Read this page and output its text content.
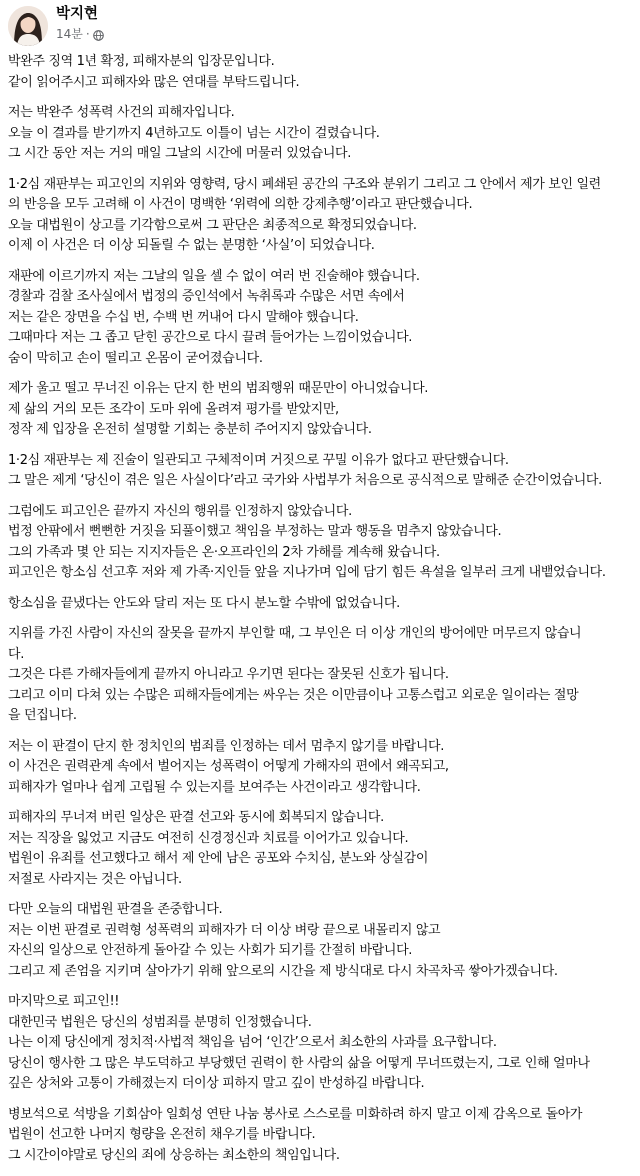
박지현
14분 ·
박완주 징역 1년 확정, 피해자분의 입장문입니다.
같이 읽어주시고 피해자와 많은 연대를 부탁드립니다.
저는 박완주 성폭력 사건의 피해자입니다.
오늘 이 결과를 받기까지 4년하고도 이틀이 넘는 시간이 걸렸습니다.
그 시간 동안 저는 거의 매일 그날의 시간에 머물러 있었습니다.
1·2심 재판부는 피고인의 지위와 영향력, 당시 폐쇄된 공간의 구조와 분위기 그리고 그 안에서 제가 보인 일련
의 반응을 모두 고려해 이 사건이 명백한 ‘위력에 의한 강제추행’이라고 판단했습니다.
오늘 대법원이 상고를 기각함으로써 그 판단은 최종적으로 확정되었습니다.
이제 이 사건은 더 이상 되돌릴 수 없는 분명한 ‘사실’이 되었습니다.
재판에 이르기까지 저는 그날의 일을 셀 수 없이 여러 번 진술해야 했습니다.
경찰과 검찰 조사실에서 법정의 증인석에서 녹취록과 수많은 서면 속에서
저는 같은 장면을 수십 번, 수백 번 꺼내어 다시 말해야 했습니다.
그때마다 저는 그 좁고 닫힌 공간으로 다시 끌려 들어가는 느낌이었습니다.
숨이 막히고 손이 떨리고 온몸이 굳어졌습니다.
제가 울고 떨고 무너진 이유는 단지 한 번의 범죄행위 때문만이 아니었습니다.
제 삶의 거의 모든 조각이 도마 위에 올려져 평가를 받았지만,
정작 제 입장을 온전히 설명할 기회는 충분히 주어지지 않았습니다.
1·2심 재판부는 제 진술이 일관되고 구체적이며 거짓으로 꾸밀 이유가 없다고 판단했습니다.
그 말은 제게 ‘당신이 겪은 일은 사실이다’라고 국가와 사법부가 처음으로 공식적으로 말해준 순간이었습니다.
그럼에도 피고인은 끝까지 자신의 행위를 인정하지 않았습니다.
법정 안팎에서 뻔뻔한 거짓을 되풀이했고 책임을 부정하는 말과 행동을 멈추지 않았습니다.
그의 가족과 몇 안 되는 지지자들은 온·오프라인의 2차 가해를 계속해 왔습니다.
피고인은 항소심 선고후 저와 제 가족·지인들 앞을 지나가며 입에 담기 힘든 욕설을 일부러 크게 내뱉었습니다.
항소심을 끝냈다는 안도와 달리 저는 또 다시 분노할 수밖에 없었습니다.
지위를 가진 사람이 자신의 잘못을 끝까지 부인할 때, 그 부인은 더 이상 개인의 방어에만 머무르지 않습니
다.
그것은 다른 가해자들에게 끝까지 아니라고 우기면 된다는 잘못된 신호가 됩니다.
그리고 이미 다쳐 있는 수많은 피해자들에게는 싸우는 것은 이만큼이나 고통스럽고 외로운 일이라는 절망
을 던집니다.
저는 이 판결이 단지 한 정치인의 범죄를 인정하는 데서 멈추지 않기를 바랍니다.
이 사건은 권력관계 속에서 벌어지는 성폭력이 어떻게 가해자의 편에서 왜곡되고,
피해자가 얼마나 쉽게 고립될 수 있는지를 보여주는 사건이라고 생각합니다.
피해자의 무너져 버린 일상은 판결 선고와 동시에 회복되지 않습니다.
저는 직장을 잃었고 지금도 여전히 신경정신과 치료를 이어가고 있습니다.
법원이 유죄를 선고했다고 해서 제 안에 남은 공포와 수치심, 분노와 상실감이
저절로 사라지는 것은 아닙니다.
다만 오늘의 대법원 판결을 존중합니다.
저는 이번 판결로 권력형 성폭력의 피해자가 더 이상 벼랑 끝으로 내몰리지 않고
자신의 일상으로 안전하게 돌아갈 수 있는 사회가 되기를 간절히 바랍니다.
그리고 제 존엄을 지키며 살아가기 위해 앞으로의 시간을 제 방식대로 다시 차곡차곡 쌓아가겠습니다.
마지막으로 피고인!!
대한민국 법원은 당신의 성범죄를 분명히 인정했습니다.
나는 이제 당신에게 정치적·사법적 책임을 넘어 ‘인간’으로서 최소한의 사과를 요구합니다.
당신이 행사한 그 많은 부도덕하고 부당했던 권력이 한 사람의 삶을 어떻게 무너뜨렸는지, 그로 인해 얼마나
깊은 상처와 고통이 가해졌는지 더이상 피하지 말고 깊이 반성하길 바랍니다.
병보석으로 석방을 기회삼아 일회성 연탄 나눔 봉사로 스스로를 미화하려 하지 말고 이제 감옥으로 돌아가
법원이 선고한 나머지 형량을 온전히 채우기를 바랍니다.
그 시간이야말로 당신의 죄에 상응하는 최소한의 책임입니다.
